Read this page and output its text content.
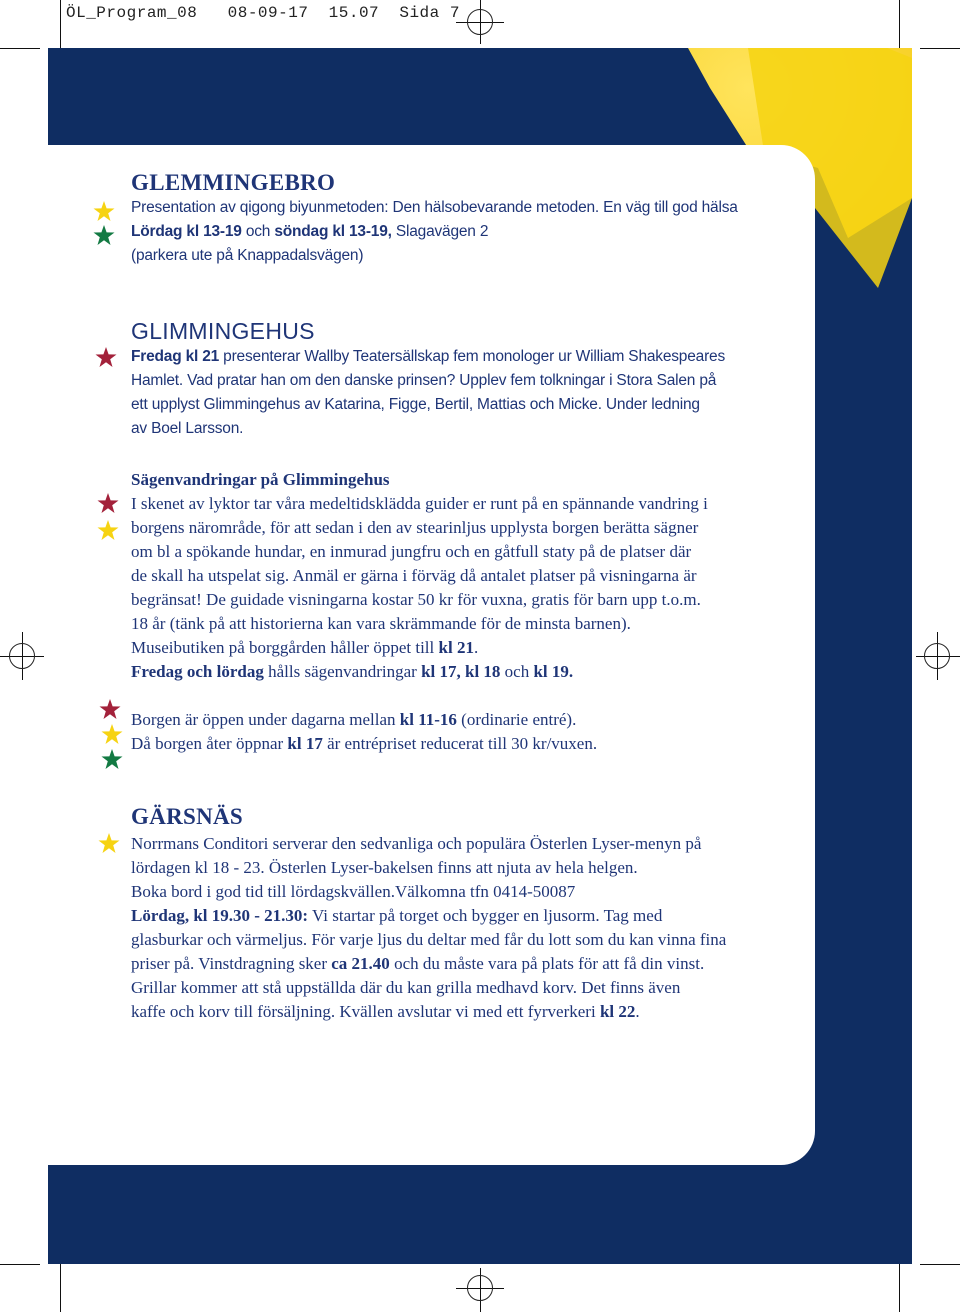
ÖL_Program_08   08-09-17  15.07  Sida 7
GLEMMINGEBRO

Presentation av qigong biyunmetoden: Den hälsobevarande metoden. En väg till god hälsa

Lördag kl 13-19 och söndag kl 13-19, Slagavägen 2

(parkera ute på Knappadalsvägen)

GLIMMINGEHUS

Fredag kl 21 presenterar Wallby Teatersällskap fem monologer ur William Shakespeares

Hamlet. Vad pratar han om den danske prinsen? Upplev fem tolkningar i Stora Salen på

ett upplyst Glimmingehus av Katarina, Figge, Bertil, Mattias och Micke. Under ledning

av Boel Larsson.

Sägenvandringar på Glimmingehus

I skenet av lyktor tar våra medeltidsklädda guider er runt på en spännande vandring i

borgens närområde, för att sedan i den av stearinljus upplysta borgen berätta sägner

om bl a spökande hundar, en inmurad jungfru och en gåtfull staty på de platser där

de skall ha utspelat sig. Anmäl er gärna i förväg då antalet platser på visningarna är

begränsat! De guidade visningarna kostar 50 kr för vuxna, gratis för barn upp t.o.m.

18 år (tänk på att historierna kan vara skrämmande för de minsta barnen).

Museibutiken på borggården håller öppet till kl 21.

Fredag och lördag hålls sägenvandringar kl 17, kl 18 och kl 19.

Borgen är öppen under dagarna mellan kl 11-16 (ordinarie entré).

Då borgen åter öppnar kl 17 är entrépriset reducerat till 30 kr/vuxen.

GÄRSNÄS

Norrmans Conditori serverar den sedvanliga och populära Österlen Lyser-menyn på

lördagen kl 18 - 23. Österlen Lyser-bakelsen finns att njuta av hela helgen.

Boka bord i god tid till lördagskvällen.Välkomna tfn 0414-50087

Lördag, kl 19.30 - 21.30: Vi startar på torget och bygger en ljusorm. Tag med

glasburkar och värmeljus. För varje ljus du deltar med får du lott som du kan vinna fina

priser på. Vinstdragning sker ca 21.40 och du måste vara på plats för att få din vinst.

Grillar kommer att stå uppställda där du kan grilla medhavd korv. Det finns även

kaffe och korv till försäljning. Kvällen avslutar vi med ett fyrverkeri kl 22.
